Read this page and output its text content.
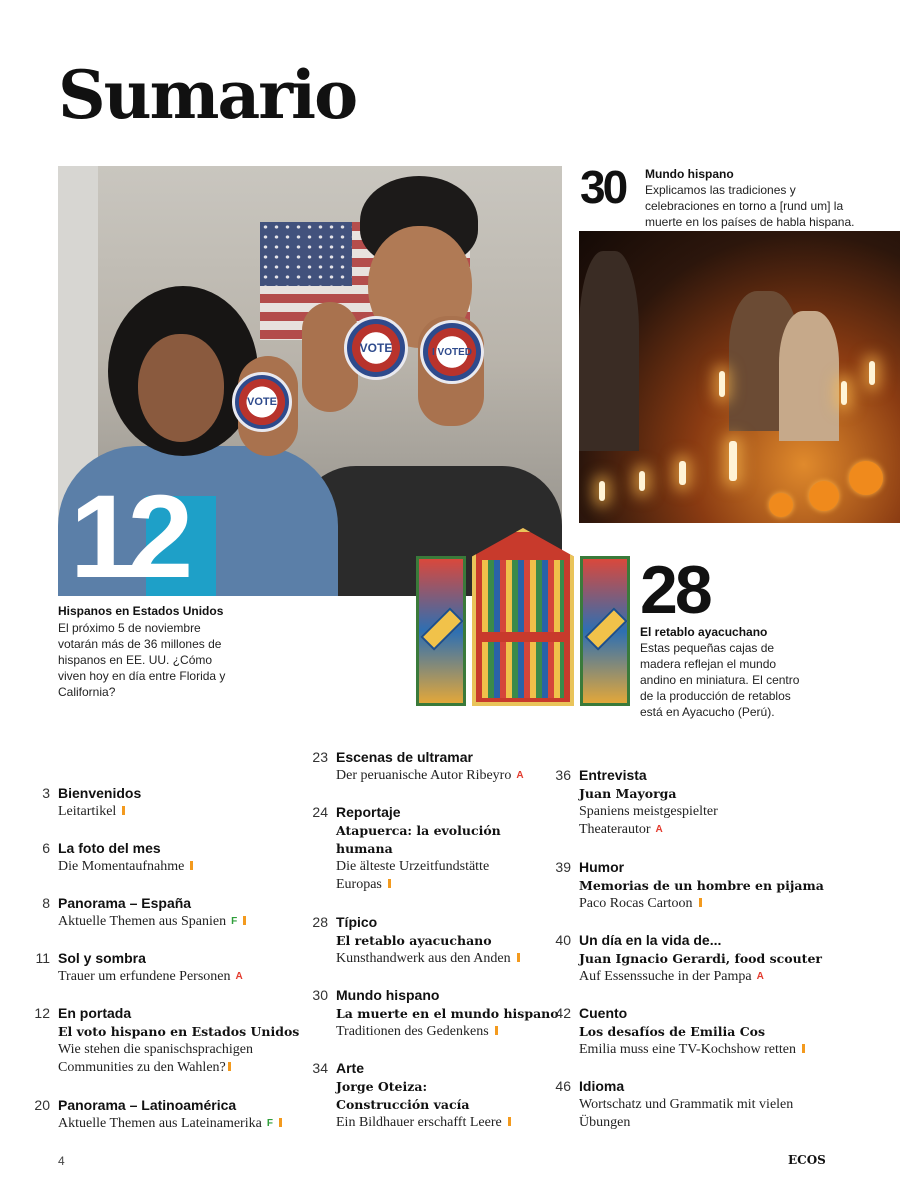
Sumario
VOTE
VOTE	I VOTED
12
Hispanos en Estados Unidos
El próximo 5 de noviembre votarán más de 36 millones de hispanos en EE. UU. ¿Cómo viven hoy en día entre Florida y California?
30 Mundo hispano
Explicamos las tradiciones y celebraciones en torno a [rund um] la muerte en los países de habla hispana.
28
El retablo ayacuchano
Estas pequeñas cajas de madera reflejan el mundo andino en miniatura. El centro de la producción de retablos está en Ayacucho (Perú).
3 Bienvenidos
Leitartikel
6 La foto del mes
Die Momentaufnahme
8 Panorama – España
Aktuelle Themen aus Spanien F
11 Sol y sombra
Trauer um erfundene Personen A
12 En portada
El voto hispano en Estados Unidos
Wie stehen die spanischsprachigen
Communities zu den Wahlen?
20 Panorama – Latinoamérica
Aktuelle Themen aus Lateinamerika F
23 Escenas de ultramar
Der peruanische Autor Ribeyro A
24 Reportaje
Atapuerca: la evolución humana
Die älteste Urzeitfundstätte
Europas
28 Típico
El retablo ayacuchano
Kunsthandwerk aus den Anden
30 Mundo hispano
La muerte en el mundo hispano
Traditionen des Gedenkens
34 Arte
Jorge Oteiza: Construcción vacía
Ein Bildhauer erschafft Leere
36 Entrevista
Juan Mayorga
Spaniens meistgespielter
Theaterautor A
39 Humor
Memorias de un hombre en pijama
Paco Rocas Cartoon
40 Un día en la vida de...
Juan Ignacio Gerardi, food scouter
Auf Essenssuche in der Pampa A
42 Cuento
Los desafíos de Emilia Cos
Emilia muss eine TV-Kochshow retten
46 Idioma
Wortschatz und Grammatik mit vielen
Übungen
4	ECOS
